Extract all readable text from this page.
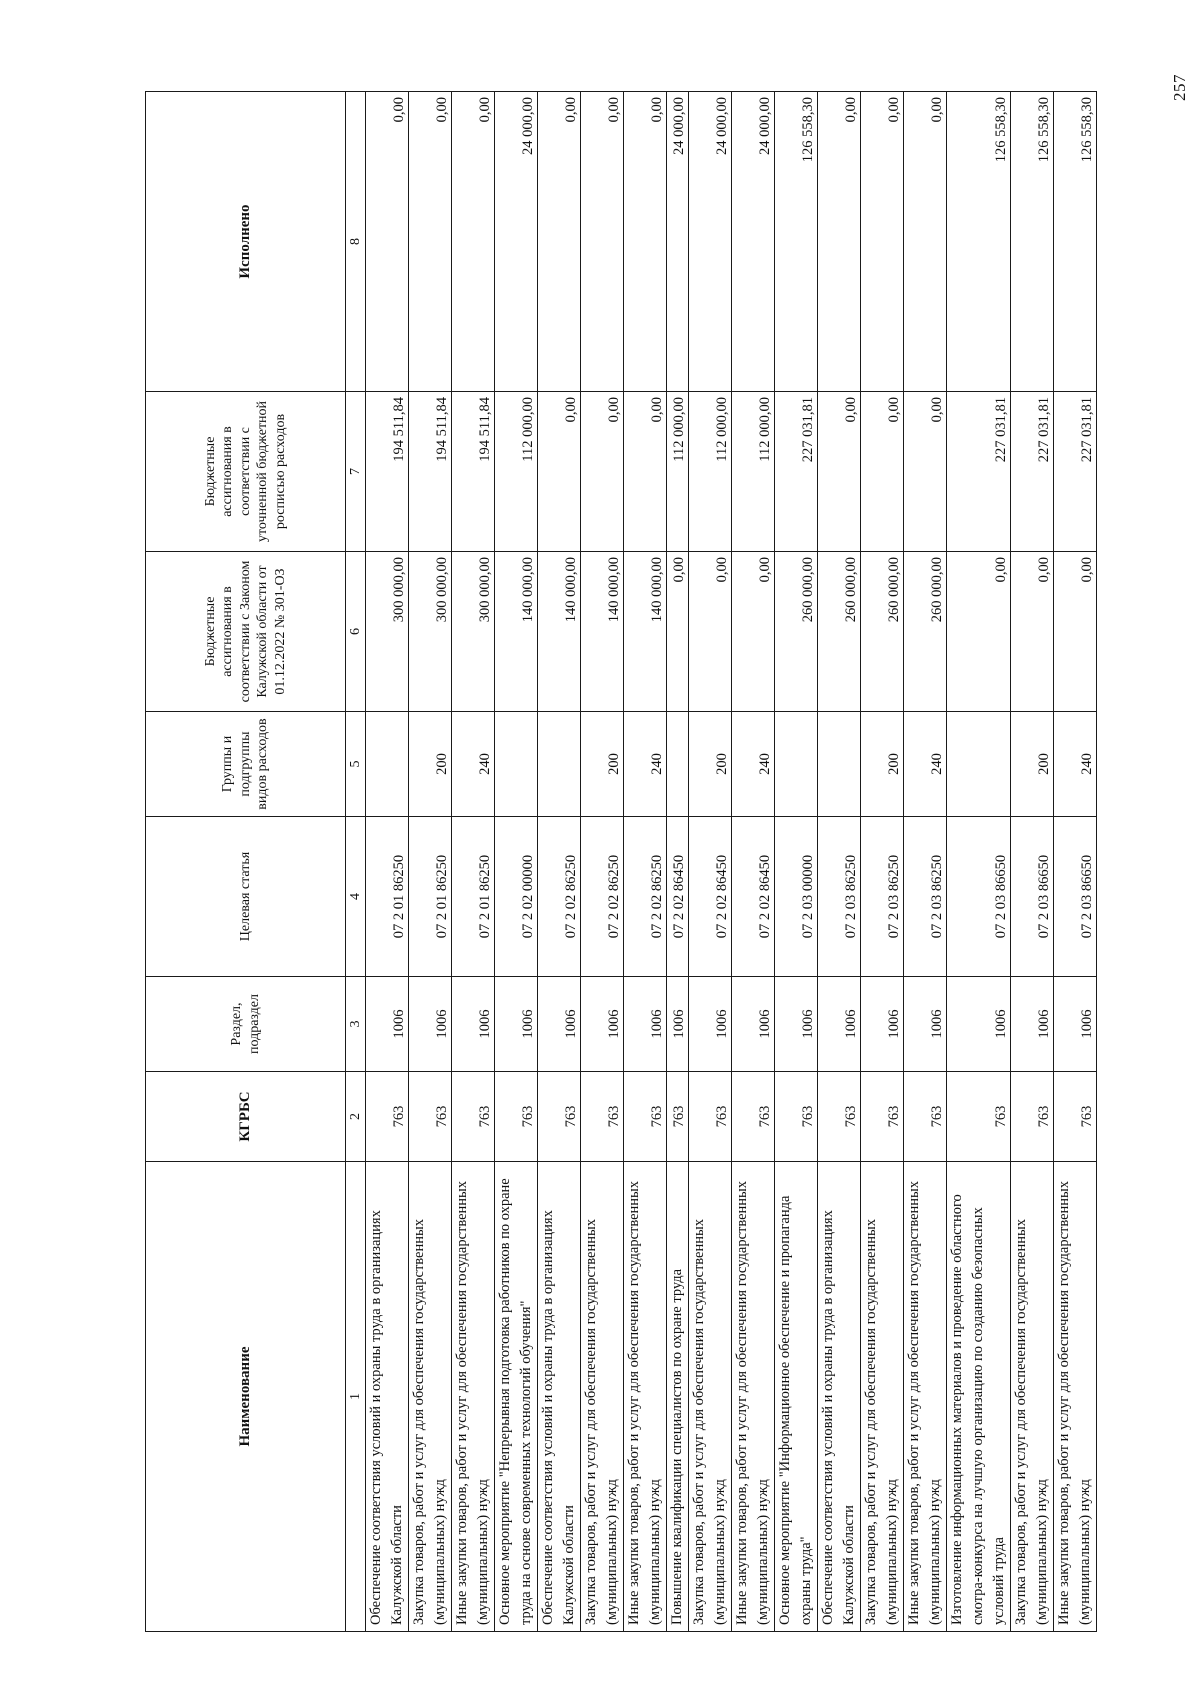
257
Наименование	КГРБС	Раздел, подраздел	Целевая статья	Группы и подгруппы видов расходов	Бюджетные ассигнования в соответствии с Законом Калужской области от 01.12.2022 № 301-ОЗ	Бюджетные ассигнования в соответствии с уточненной бюджетной росписью расходов	Исполнено
1	2	3	4	5	6	7	8
Обеспечение соответствия условий и охраны труда в организациях Калужской области	763	1006	07 2 01 86250		300 000,00	194 511,84	0,00
Закупка товаров, работ и услуг для обеспечения государственных (муниципальных) нужд	763	1006	07 2 01 86250	200	300 000,00	194 511,84	0,00
Иные закупки товаров, работ и услуг для обеспечения государственных (муниципальных) нужд	763	1006	07 2 01 86250	240	300 000,00	194 511,84	0,00
Основное мероприятие "Непрерывная подготовка работников по охране труда на основе современных технологий обучения"	763	1006	07 2 02 00000		140 000,00	112 000,00	24 000,00
Обеспечение соответствия условий и охраны труда в организациях Калужской области	763	1006	07 2 02 86250		140 000,00	0,00	0,00
Закупка товаров, работ и услуг для обеспечения государственных (муниципальных) нужд	763	1006	07 2 02 86250	200	140 000,00	0,00	0,00
Иные закупки товаров, работ и услуг для обеспечения государственных (муниципальных) нужд	763	1006	07 2 02 86250	240	140 000,00	0,00	0,00
Повышение квалификации специалистов по охране труда	763	1006	07 2 02 86450		0,00	112 000,00	24 000,00
Закупка товаров, работ и услуг для обеспечения государственных (муниципальных) нужд	763	1006	07 2 02 86450	200	0,00	112 000,00	24 000,00
Иные закупки товаров, работ и услуг для обеспечения государственных (муниципальных) нужд	763	1006	07 2 02 86450	240	0,00	112 000,00	24 000,00
Основное мероприятие "Информационное обеспечение и пропаганда охраны труда"	763	1006	07 2 03 00000		260 000,00	227 031,81	126 558,30
Обеспечение соответствия условий и охраны труда в организациях Калужской области	763	1006	07 2 03 86250		260 000,00	0,00	0,00
Закупка товаров, работ и услуг для обеспечения государственных (муниципальных) нужд	763	1006	07 2 03 86250	200	260 000,00	0,00	0,00
Иные закупки товаров, работ и услуг для обеспечения государственных (муниципальных) нужд	763	1006	07 2 03 86250	240	260 000,00	0,00	0,00
Изготовление информационных материалов и проведение областного смотра-конкурса на лучшую организацию по созданию безопасных условий труда	763	1006	07 2 03 86650		0,00	227 031,81	126 558,30
Закупка товаров, работ и услуг для обеспечения государственных (муниципальных) нужд	763	1006	07 2 03 86650	200	0,00	227 031,81	126 558,30
Иные закупки товаров, работ и услуг для обеспечения государственных (муниципальных) нужд	763	1006	07 2 03 86650	240	0,00	227 031,81	126 558,30
